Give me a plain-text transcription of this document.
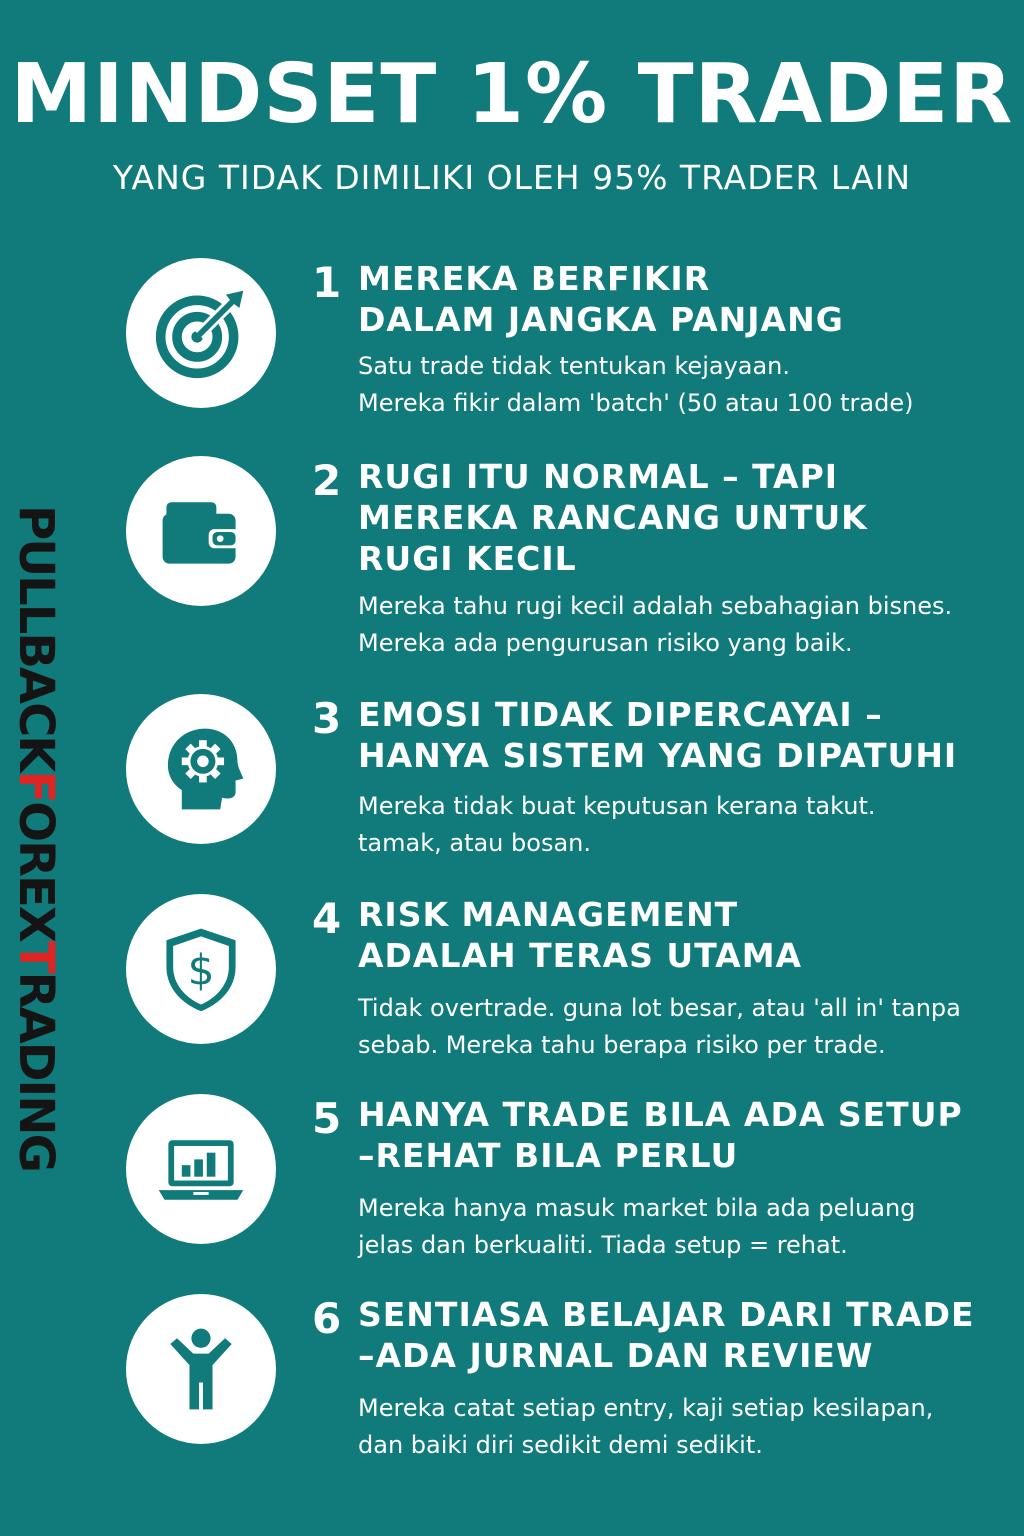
MINDSET 1% TRADER

YANG TIDAK DIMILIKI OLEH 95% TRADER LAIN

PULLBACKFOREXTRADING
1 MEREKA BERFIKIR
DALAM JANGKA PANJANG
Satu trade tidak tentukan kejayaan.
Mereka fikir dalam 'batch' (50 atau 100 trade)
2 RUGI ITU NORMAL – TAPI
MEREKA RANCANG UNTUK
RUGI KECIL
Mereka tahu rugi kecil adalah sebahagian bisnes.
Mereka ada pengurusan risiko yang baik.
3 EMOSI TIDAK DIPERCAYAI –
HANYA SISTEM YANG DIPATUHI
Mereka tidak buat keputusan kerana takut.
tamak, atau bosan.
$
4 RISK MANAGEMENT
ADALAH TERAS UTAMA
Tidak overtrade. guna lot besar, atau 'all in' tanpa
sebab. Mereka tahu berapa risiko per trade.
5 HANYA TRADE BILA ADA SETUP
–REHAT BILA PERLU
Mereka hanya masuk market bila ada peluang
jelas dan berkualiti. Tiada setup = rehat.
6 SENTIASA BELAJAR DARI TRADE
–ADA JURNAL DAN REVIEW
Mereka catat setiap entry, kaji setiap kesilapan,
dan baiki diri sedikit demi sedikit.
